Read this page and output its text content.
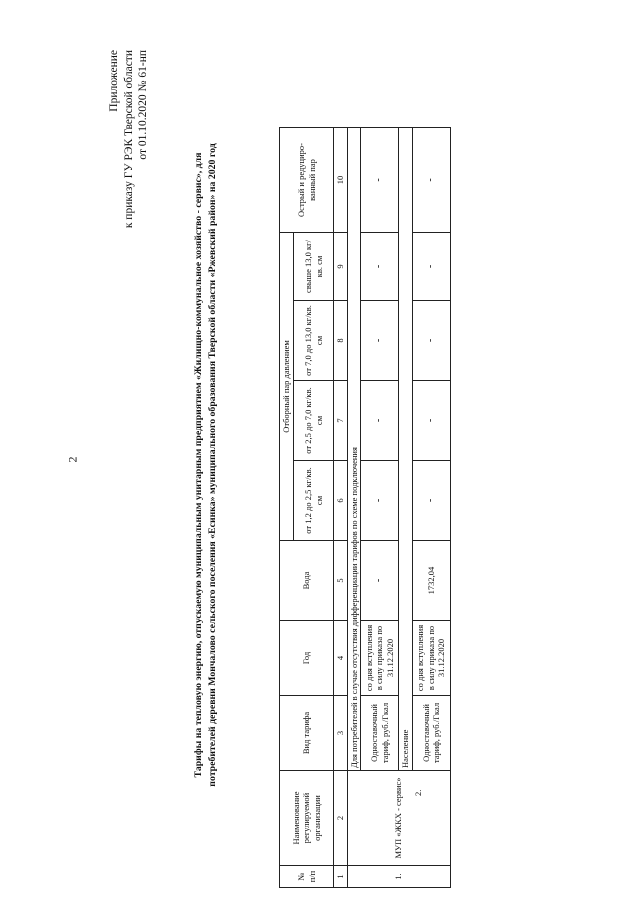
2
Приложение к приказу ГУ РЭК Тверской области от 01.10.2020 № 61-нп
Тарифы на тепловую энергию, отпускаемую муниципальным унитарным предприятием «Жилищно-коммунальное хозяйство - сервис», для потребителей деревни Мончалово сельского поселения «Есинка» муниципального образования Тверской области «Ржевский район» на 2020 год
№ п/п	Наименование регулируемой организации	Вид тарифа	Год	Вода	Отборный пар давлением				Острый и редуциро-ванный пар
					от 1,2 до 2,5 кг/кв. см	от 2,5 до 7,0 кг/кв. см	от 7,0 до 13,0 кг/кв. см	свыше 13,0 кг/кв. см	
1	2	3	4	5	6	7	8	9	10
1.	МУП «ЖКХ - сервис»	Для потребителей в случае отсутствия дифференциации тарифов по схеме подключения							
		Одноставочный тариф, руб./Гкал	со дня вступления в силу приказа по 31.12.2020	-	-	-	-	-	-
		Население							
		Одноставочный тариф, руб./Гкал	со дня вступления в силу приказа по 31.12.2020	1732,04	-	-	-	-	-
2.
